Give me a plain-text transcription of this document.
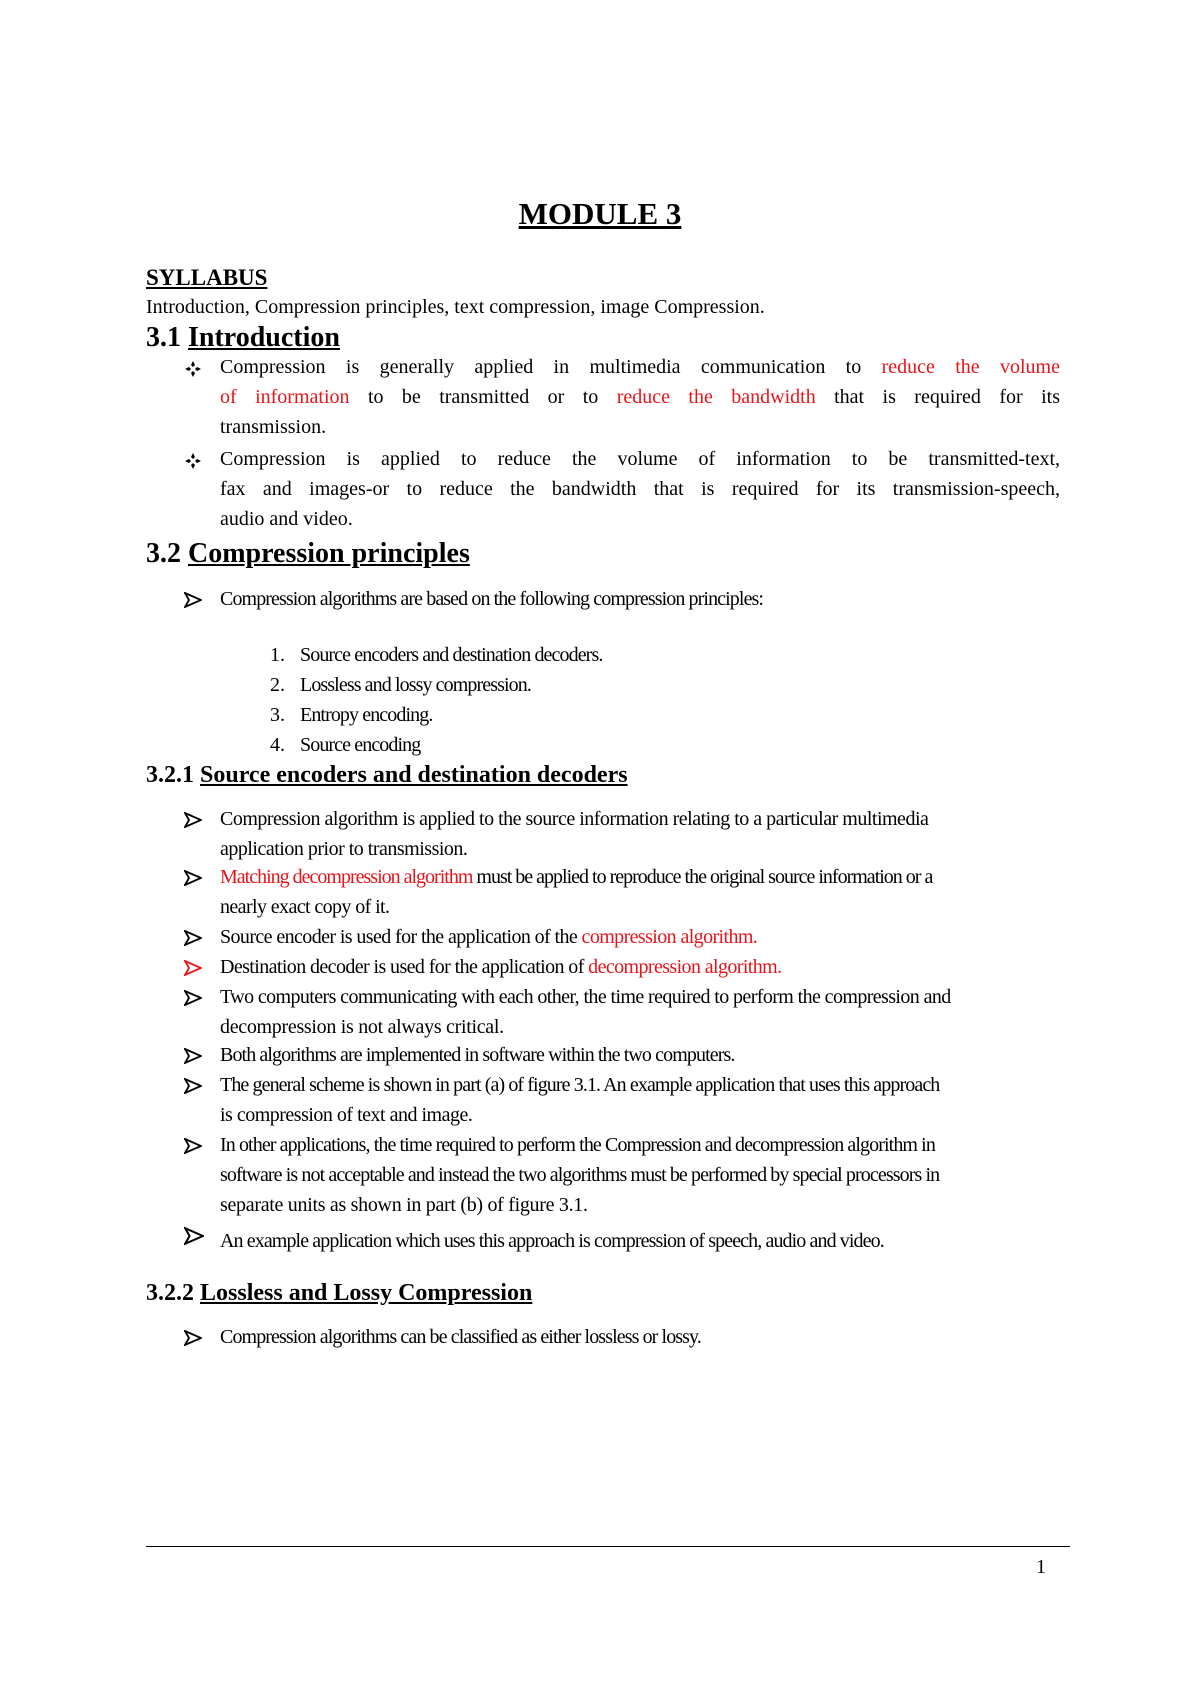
MODULE 3
SYLLABUS
Introduction, Compression principles, text compression, image Compression.
3.1 Introduction
Compression is generally applied in multimedia communication to reduce the volume
of information to be transmitted or to reduce the bandwidth that is required for its
transmission.
Compression is applied to reduce the volume of information to be transmitted-text,
fax and images-or to reduce the bandwidth that is required for its transmission-speech,
audio and video.
3.2 Compression principles
Compression algorithms are based on the following compression principles:
1. Source encoders and destination decoders.
2. Lossless and lossy compression.
3. Entropy encoding.
4. Source encoding
3.2.1 Source encoders and destination decoders
Compression algorithm is applied to the source information relating to a particular multimedia
application prior to transmission.
Matching decompression algorithm must be applied to reproduce the original source information or a
nearly exact copy of it.
Source encoder is used for the application of the compression algorithm.
Destination decoder is used for the application of decompression algorithm.
Two computers communicating with each other, the time required to perform the compression and
decompression is not always critical.
Both algorithms are implemented in software within the two computers.
The general scheme is shown in part (a) of figure 3.1. An example application that uses this approach
is compression of text and image.
In other applications, the time required to perform the Compression and decompression algorithm in
software is not acceptable and instead the two algorithms must be performed by special processors in
separate units as shown in part (b) of figure 3.1.
An example application which uses this approach is compression of speech, audio and video.
3.2.2 Lossless and Lossy Compression
Compression algorithms can be classified as either lossless or lossy.
1
